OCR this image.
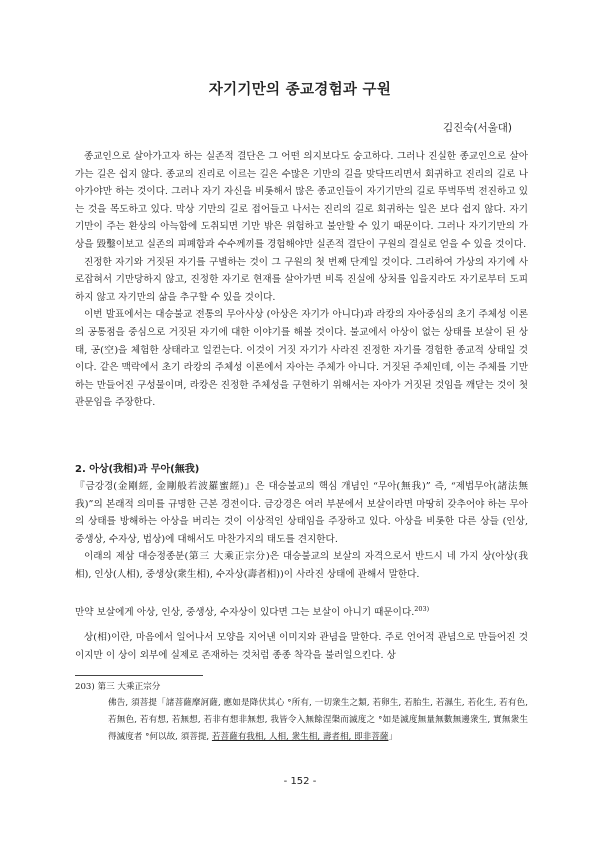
자기기만의 종교경험과 구원
김진숙(서울대)

종교인으로 살아가고자 하는 실존적 결단은 그 어떤 의지보다도 숭고하다. 그러나 진실한 종교인으로 살아가는 길은 쉽지 않다. 종교의 진리로 이르는 길은 수많은 기만의 길을 맞닥뜨리면서 회귀하고 진리의 길로 나아가야만 하는 것이다. 그러나 자기 자신을 비롯해서 많은 종교인들이 자기기만의 길로 뚜벅뚜벅 전진하고 있는 것을 목도하고 있다. 막상 기만의 길로 접어들고 나서는 진리의 길로 회귀하는 일은 보다 쉽지 않다. 자기기만이 주는 환상의 아늑함에 도취되면 기만 밖은 위험하고 불안할 수 있기 때문이다. 그러나 자기기만의 가상을 毀鑿이보고 실존의 피폐함과 수수께끼를 경험해야만 실존적 결단이 구원의 결실로 얻을 수 있을 것이다.

진정한 자기와 거짓된 자기를 구별하는 것이 그 구원의 첫 번째 단계일 것이다. 그리하여 가상의 자기에 사로잡혀서 기만당하지 않고, 진정한 자기로 현재를 살아가면 비록 진실에 상처를 입을지라도 자기로부터 도피하지 않고 자기만의 삶을 추구할 수 있을 것이다.

이번 발표에서는 대승불교 전통의 무아사상 (아상은 자기가 아니다)과 라캉의 자아중심의 초기 주체성 이론의 공통점을 중심으로 거짓된 자기에 대한 이야기를 해볼 것이다. 불교에서 아상이 없는 상태를 보살이 된 상태, 공(空)을 체험한 상태라고 일컫는다. 이것이 거짓 자기가 사라진 진정한 자기를 경험한 종교적 상태일 것이다. 같은 맥락에서 초기 라캉의 주체성 이론에서 자아는 주체가 아니다. 거짓된 주체인데, 이는 주체를 기만하는 만들어진 구성물이며, 라캉은 진정한 주체성을 구현하기 위해서는 자아가 거짓된 것임을 깨닫는 것이 첫 관문임을 주장한다.

2. 아상(我相)과 무아(無我)

『금강경(金剛經, 金剛般若波羅蜜經)』은 대승불교의 핵심 개념인 “무아(無我)” 즉, “제법무아(諸法無我)”의 본래적 의미를 규명한 근본 경전이다. 금강경은 여러 부분에서 보살이라면 마땅히 갖추어야 하는 무아의 상태를 방해하는 아상을 버리는 것이 이상적인 상태임을 주장하고 있다. 아상을 비롯한 다른 상들 (인상, 중생상, 수자상, 법상)에 대해서도 마찬가지의 태도를 견지한다.

이래의 제삼 대승정종분(第三 大乘正宗分)은 대승불교의 보살의 자격으로서 반드시 네 가지 상(아상(我相), 인상(人相), 중생상(衆生相), 수자상(壽者相))이 사라진 상태에 관해서 말한다.

만약 보살에게 아상, 인상, 중생상, 수자상이 있다면 그는 보살이 아니기 때문이다.$^{203)}$
상(相)이란, 마음에서 일어나서 모양을 지어낸 이미지와 관념을 말한다. 주로 언어적 관념으로 만들어진 것이지만 이 상이 외부에 실제로 존재하는 것처럼 종종 착각을 불러일으킨다. 상
203) 第三 大乘正宗分
佛告, 須菩提「諸菩薩摩訶薩, 應如是降伏其心 °所有, 一切衆生之類, 若卵生, 若胎生, 若濕生, 若化生, 若有色, 若無色, 若有想, 若無想, 若非有想非無想, 我皆令入無餘涅槃而滅度之 °如是滅度無量無數無邊衆生, 實無衆生得滅度者 °何以故, 須菩提, 若菩薩有我相, 人相, 衆生相, 壽者相, 即非菩薩」
- 152 -
